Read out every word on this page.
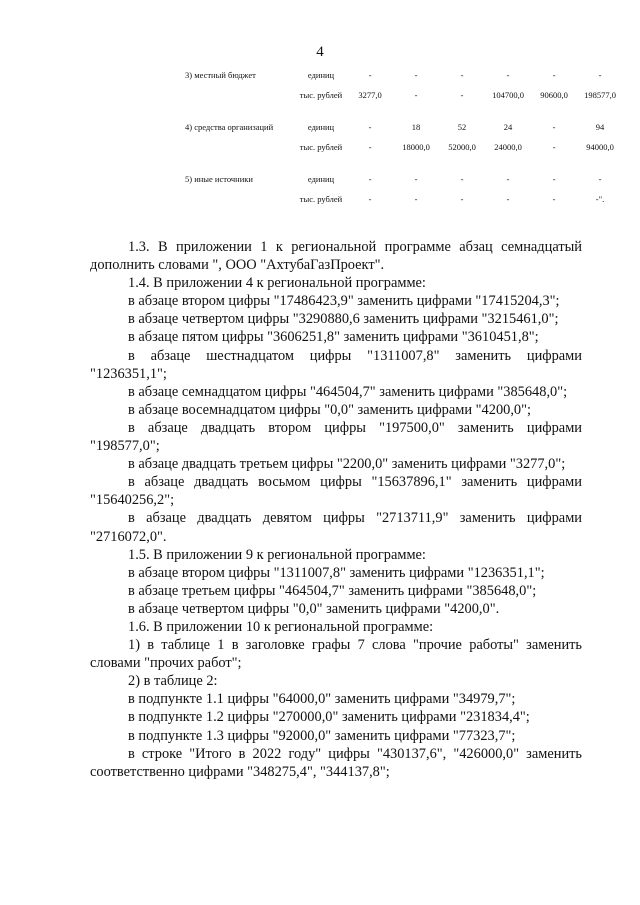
4
3) местный бюджет	единиц	-	-	-	-	-	-
	тыс. рублей	3277,0	-	-	104700,0	90600,0	198577,0
4) средства организаций	единиц	-	18	52	24	-	94
	тыс. рублей	-	18000,0	52000,0	24000,0	-	94000,0
5) иные источники	единиц	-	-	-	-	-	-
	тыс. рублей	-	-	-	-	-	-".

1.3. В приложении 1 к региональной программе абзац семнадцатый дополнить словами ", ООО "АхтубаГазПроект".

1.4. В приложении 4 к региональной программе:

в абзаце втором цифры "17486423,9" заменить цифрами "17415204,3";

в абзаце четвертом цифры "3290880,6 заменить цифрами "3215461,0";

в абзаце пятом цифры "3606251,8" заменить цифрами "3610451,8";

в абзаце шестнадцатом цифры "1311007,8" заменить цифрами "1236351,1";

в абзаце семнадцатом цифры "464504,7" заменить цифрами "385648,0";

в абзаце восемнадцатом цифры "0,0" заменить цифрами "4200,0";

в абзаце двадцать втором цифры "197500,0" заменить цифрами "198577,0";

в абзаце двадцать третьем цифры "2200,0" заменить цифрами "3277,0";

в абзаце двадцать восьмом цифры "15637896,1" заменить цифрами "15640256,2";

в абзаце двадцать девятом цифры "2713711,9" заменить цифрами "2716072,0".

1.5. В приложении 9 к региональной программе:

в абзаце втором цифры "1311007,8" заменить цифрами "1236351,1";

в абзаце третьем цифры "464504,7" заменить цифрами "385648,0";

в абзаце четвертом цифры "0,0" заменить цифрами "4200,0".

1.6. В приложении 10 к региональной программе:

1) в таблице 1 в заголовке графы 7 слова "прочие работы" заменить словами "прочих работ";

2) в таблице 2:

в подпункте 1.1 цифры "64000,0" заменить цифрами "34979,7";

в подпункте 1.2 цифры "270000,0" заменить цифрами "231834,4";

в подпункте 1.3 цифры "92000,0" заменить цифрами "77323,7";

в строке "Итого в 2022 году" цифры "430137,6", "426000,0" заменить соответственно цифрами "348275,4", "344137,8";
